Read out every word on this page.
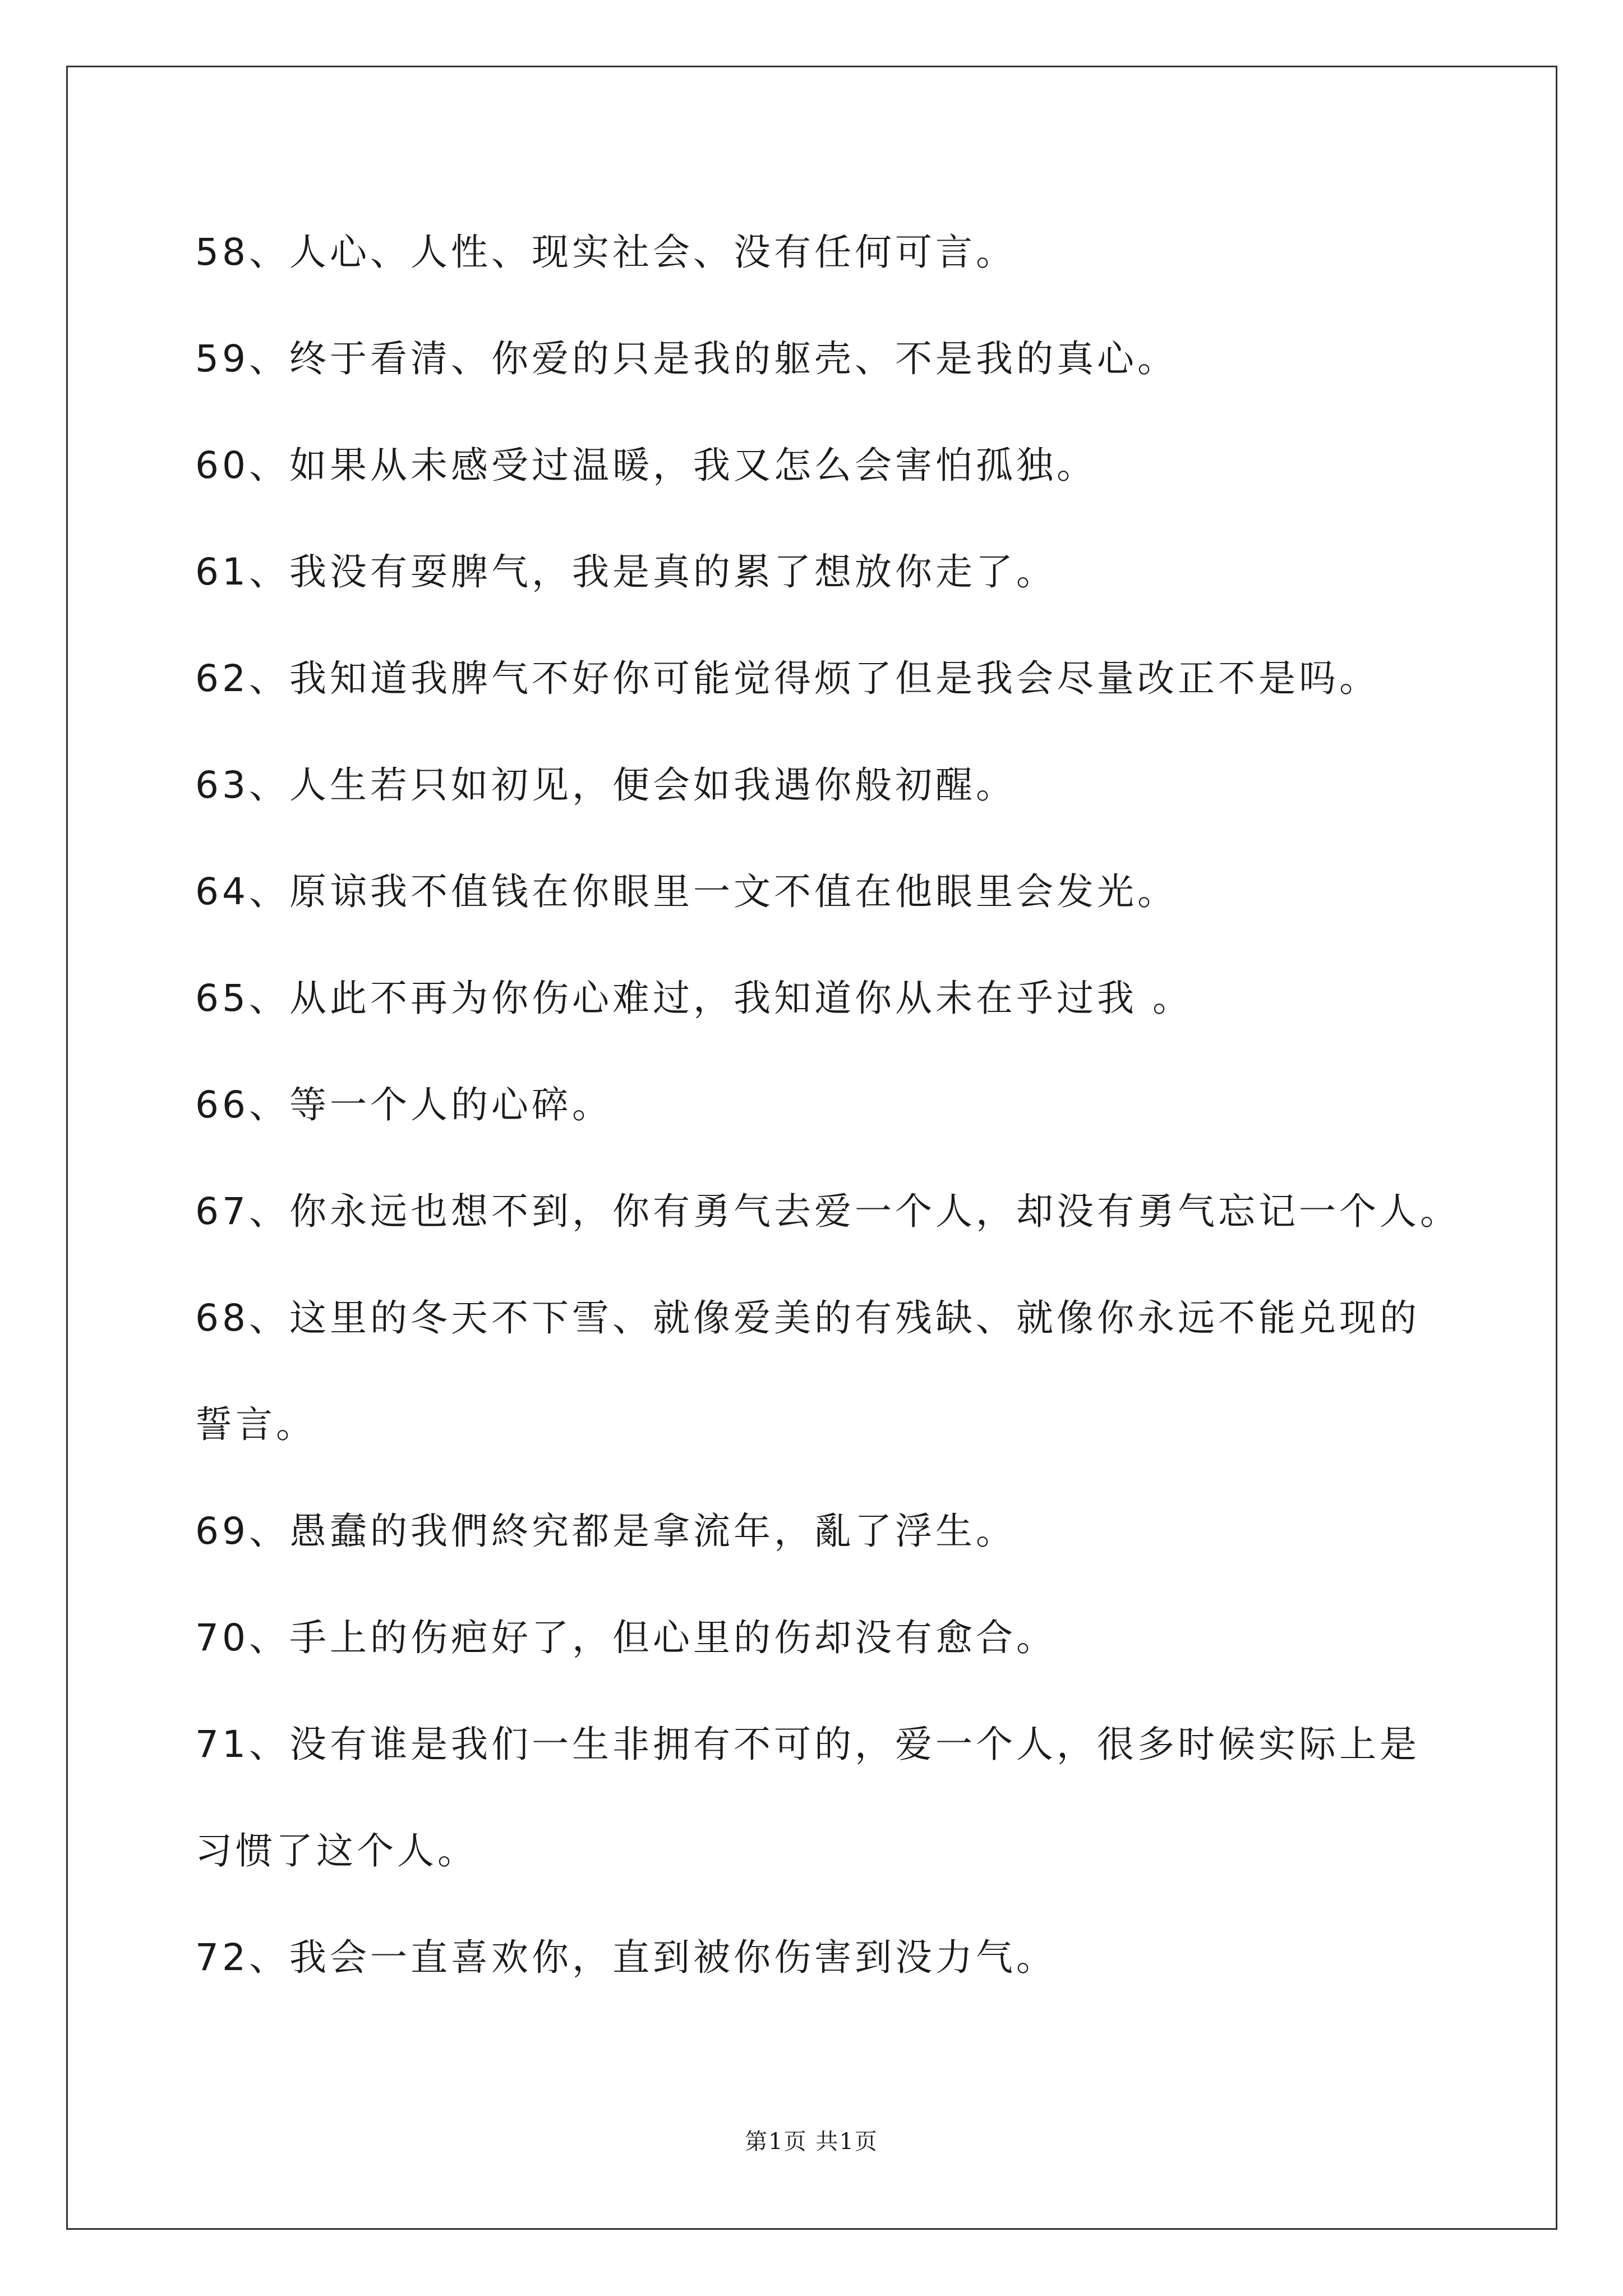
58、人心、人性、现实社会、没有任何可言。
59、终于看清、你爱的只是我的躯壳、不是我的真心。
60、如果从未感受过温暖，我又怎么会害怕孤独。
61、我没有耍脾气，我是真的累了想放你走了。
62、我知道我脾气不好你可能觉得烦了但是我会尽量改正不是吗。
63、人生若只如初见，便会如我遇你般初醒。
64、原谅我不值钱在你眼里一文不值在他眼里会发光。
65、从此不再为你伤心难过，我知道你从未在乎过我 。
66、等一个人的心碎。
67、你永远也想不到，你有勇气去爱一个人，却没有勇气忘记一个人。
68、这里的冬天不下雪、就像爱美的有残缺、就像你永远不能兑现的
誓言。
69、愚蠢的我們終究都是拿流年，亂了浮生。
70、手上的伤疤好了，但心里的伤却没有愈合。
71、没有谁是我们一生非拥有不可的，爱一个人，很多时候实际上是
习惯了这个人。
72、我会一直喜欢你，直到被你伤害到没力气。
第1页 共1页
